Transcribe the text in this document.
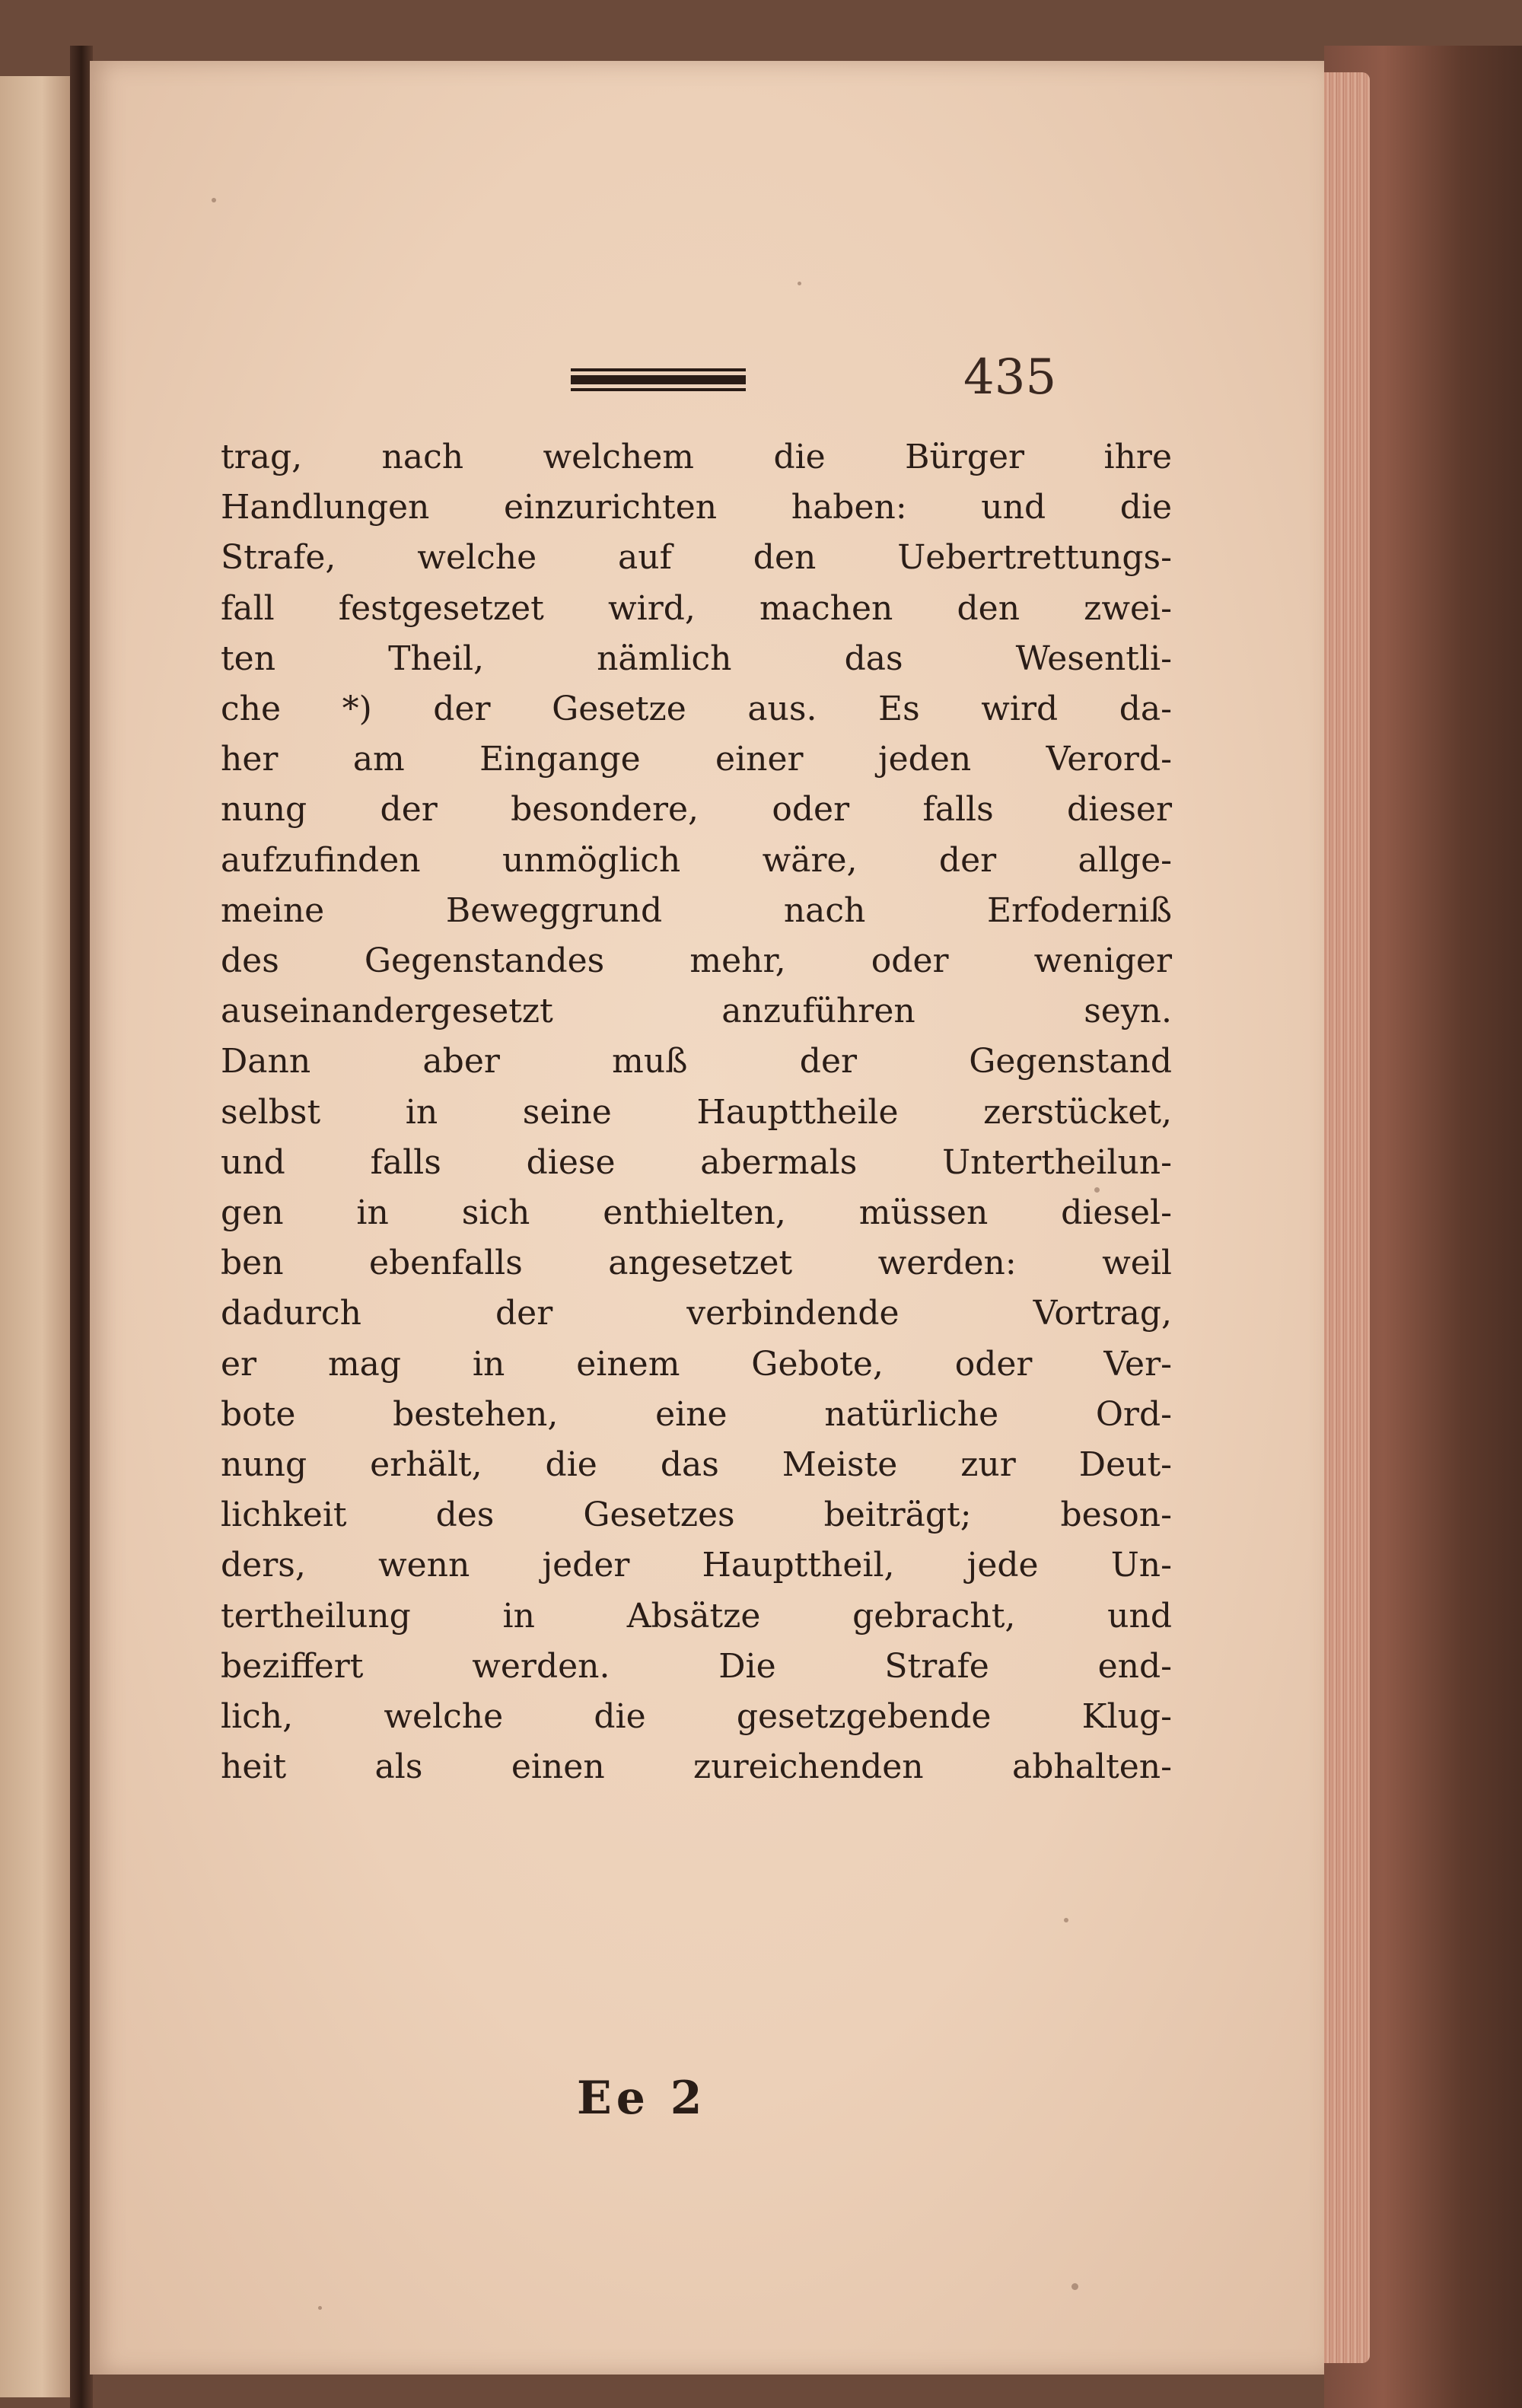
435
trag, nach welchem die Bürger ihre
Handlungen einzurichten haben: und die
Strafe, welche auf den Uebertrettungs-
fall festgesetzet wird, machen den zwei-
ten Theil, nämlich das Wesentli-
che *) der Gesetze aus. Es wird da-
her am Eingange einer jeden Verord-
nung der besondere, oder falls dieser
aufzufinden unmöglich wäre, der allge-
meine Beweggrund nach Erfoderniß
des Gegenstandes mehr, oder weniger
auseinandergesetzt anzuführen seyn.
Dann aber muß der Gegenstand
selbst in seine Haupttheile zerstücket,
und falls diese abermals Untertheilun-
gen in sich enthielten, müssen diesel-
ben ebenfalls angesetzet werden: weil
dadurch der verbindende Vortrag,
er mag in einem Gebote, oder Ver-
bote bestehen, eine natürliche Ord-
nung erhält, die das Meiste zur Deut-
lichkeit des Gesetzes beiträgt; beson-
ders, wenn jeder Haupttheil, jede Un-
tertheilung in Absätze gebracht, und
beziffert werden. Die Strafe end-
lich, welche die gesetzgebende Klug-
heit als einen zureichenden abhalten-
Ee 2
